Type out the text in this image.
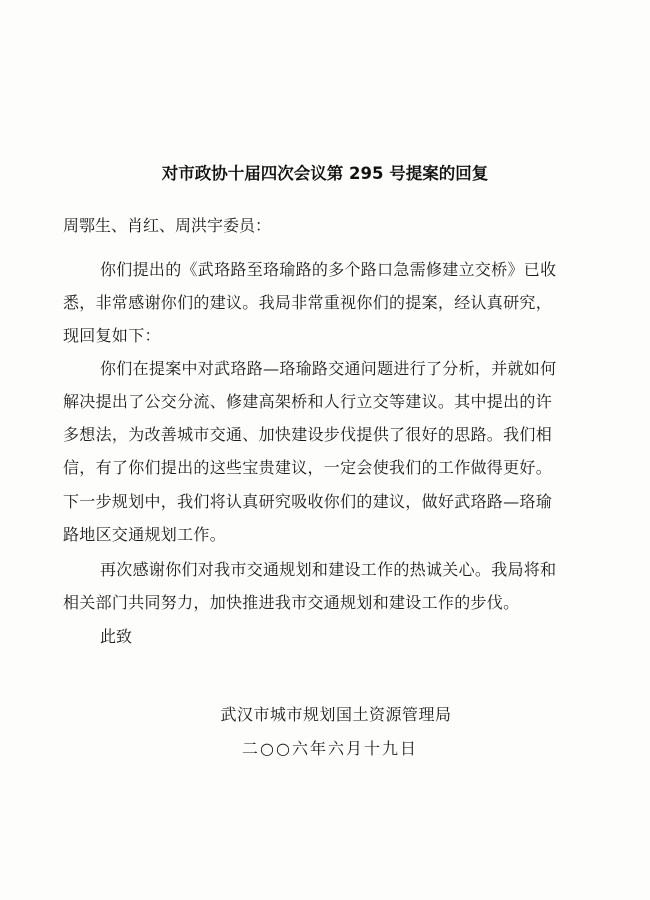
对市政协十届四次会议第 295 号提案的回复
周鄂生、肖红、周洪宇委员：
你们提出的《武珞路至珞瑜路的多个路口急需修建立交桥》已收
悉，非常感谢你们的建议。我局非常重视你们的提案，经认真研究，
现回复如下：
你们在提案中对武珞路—珞瑜路交通问题进行了分析，并就如何
解决提出了公交分流、修建高架桥和人行立交等建议。其中提出的许
多想法，为改善城市交通、加快建设步伐提供了很好的思路。我们相
信，有了你们提出的这些宝贵建议，一定会使我们的工作做得更好。
下一步规划中，我们将认真研究吸收你们的建议，做好武珞路—珞瑜
路地区交通规划工作。
再次感谢你们对我市交通规划和建设工作的热诚关心。我局将和
相关部门共同努力，加快推进我市交通规划和建设工作的步伐。
此致
武汉市城市规划国土资源管理局
二○○六年六月十九日
